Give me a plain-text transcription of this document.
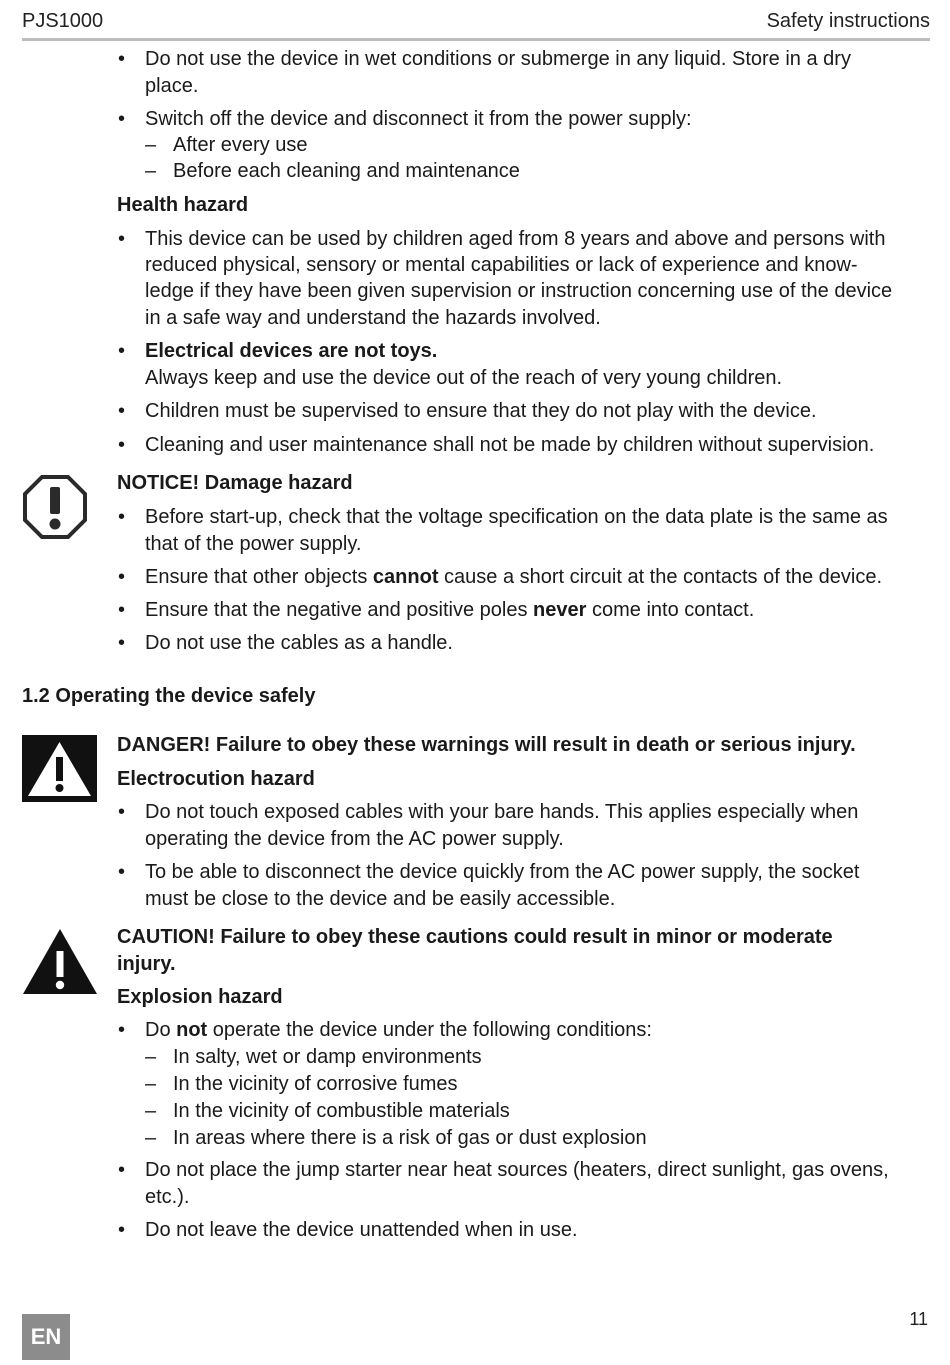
PJS1000	Safety instructions
• Do not use the device in wet conditions or submerge in any liquid. Store in a dry
place.
• Switch off the device and disconnect it from the power supply:
– After every use
– Before each cleaning and maintenance
Health hazard
• This device can be used by children aged from 8 years and above and persons with
reduced physical, sensory or mental capabilities or lack of experience and know-
ledge if they have been given supervision or instruction concerning use of the device
in a safe way and understand the hazards involved.
• Electrical devices are not toys.
Always keep and use the device out of the reach of very young children.
• Children must be supervised to ensure that they do not play with the device.
• Cleaning and user maintenance shall not be made by children without supervision.
NOTICE! Damage hazard
• Before start-up, check that the voltage specification on the data plate is the same as
that of the power supply.
• Ensure that other objects cannot cause a short circuit at the contacts of the device.
• Ensure that the negative and positive poles never come into contact.
• Do not use the cables as a handle.
1.2 Operating the device safely
DANGER! Failure to obey these warnings will result in death or serious injury.
Electrocution hazard
• Do not touch exposed cables with your bare hands. This applies especially when
operating the device from the AC power supply.
• To be able to disconnect the device quickly from the AC power supply, the socket
must be close to the device and be easily accessible.
CAUTION! Failure to obey these cautions could result in minor or moderate
injury.
Explosion hazard
• Do not operate the device under the following conditions:
– In salty, wet or damp environments
– In the vicinity of corrosive fumes
– In the vicinity of combustible materials
– In areas where there is a risk of gas or dust explosion
• Do not place the jump starter near heat sources (heaters, direct sunlight, gas ovens,
etc.).
• Do not leave the device unattended when in use.
EN
11
